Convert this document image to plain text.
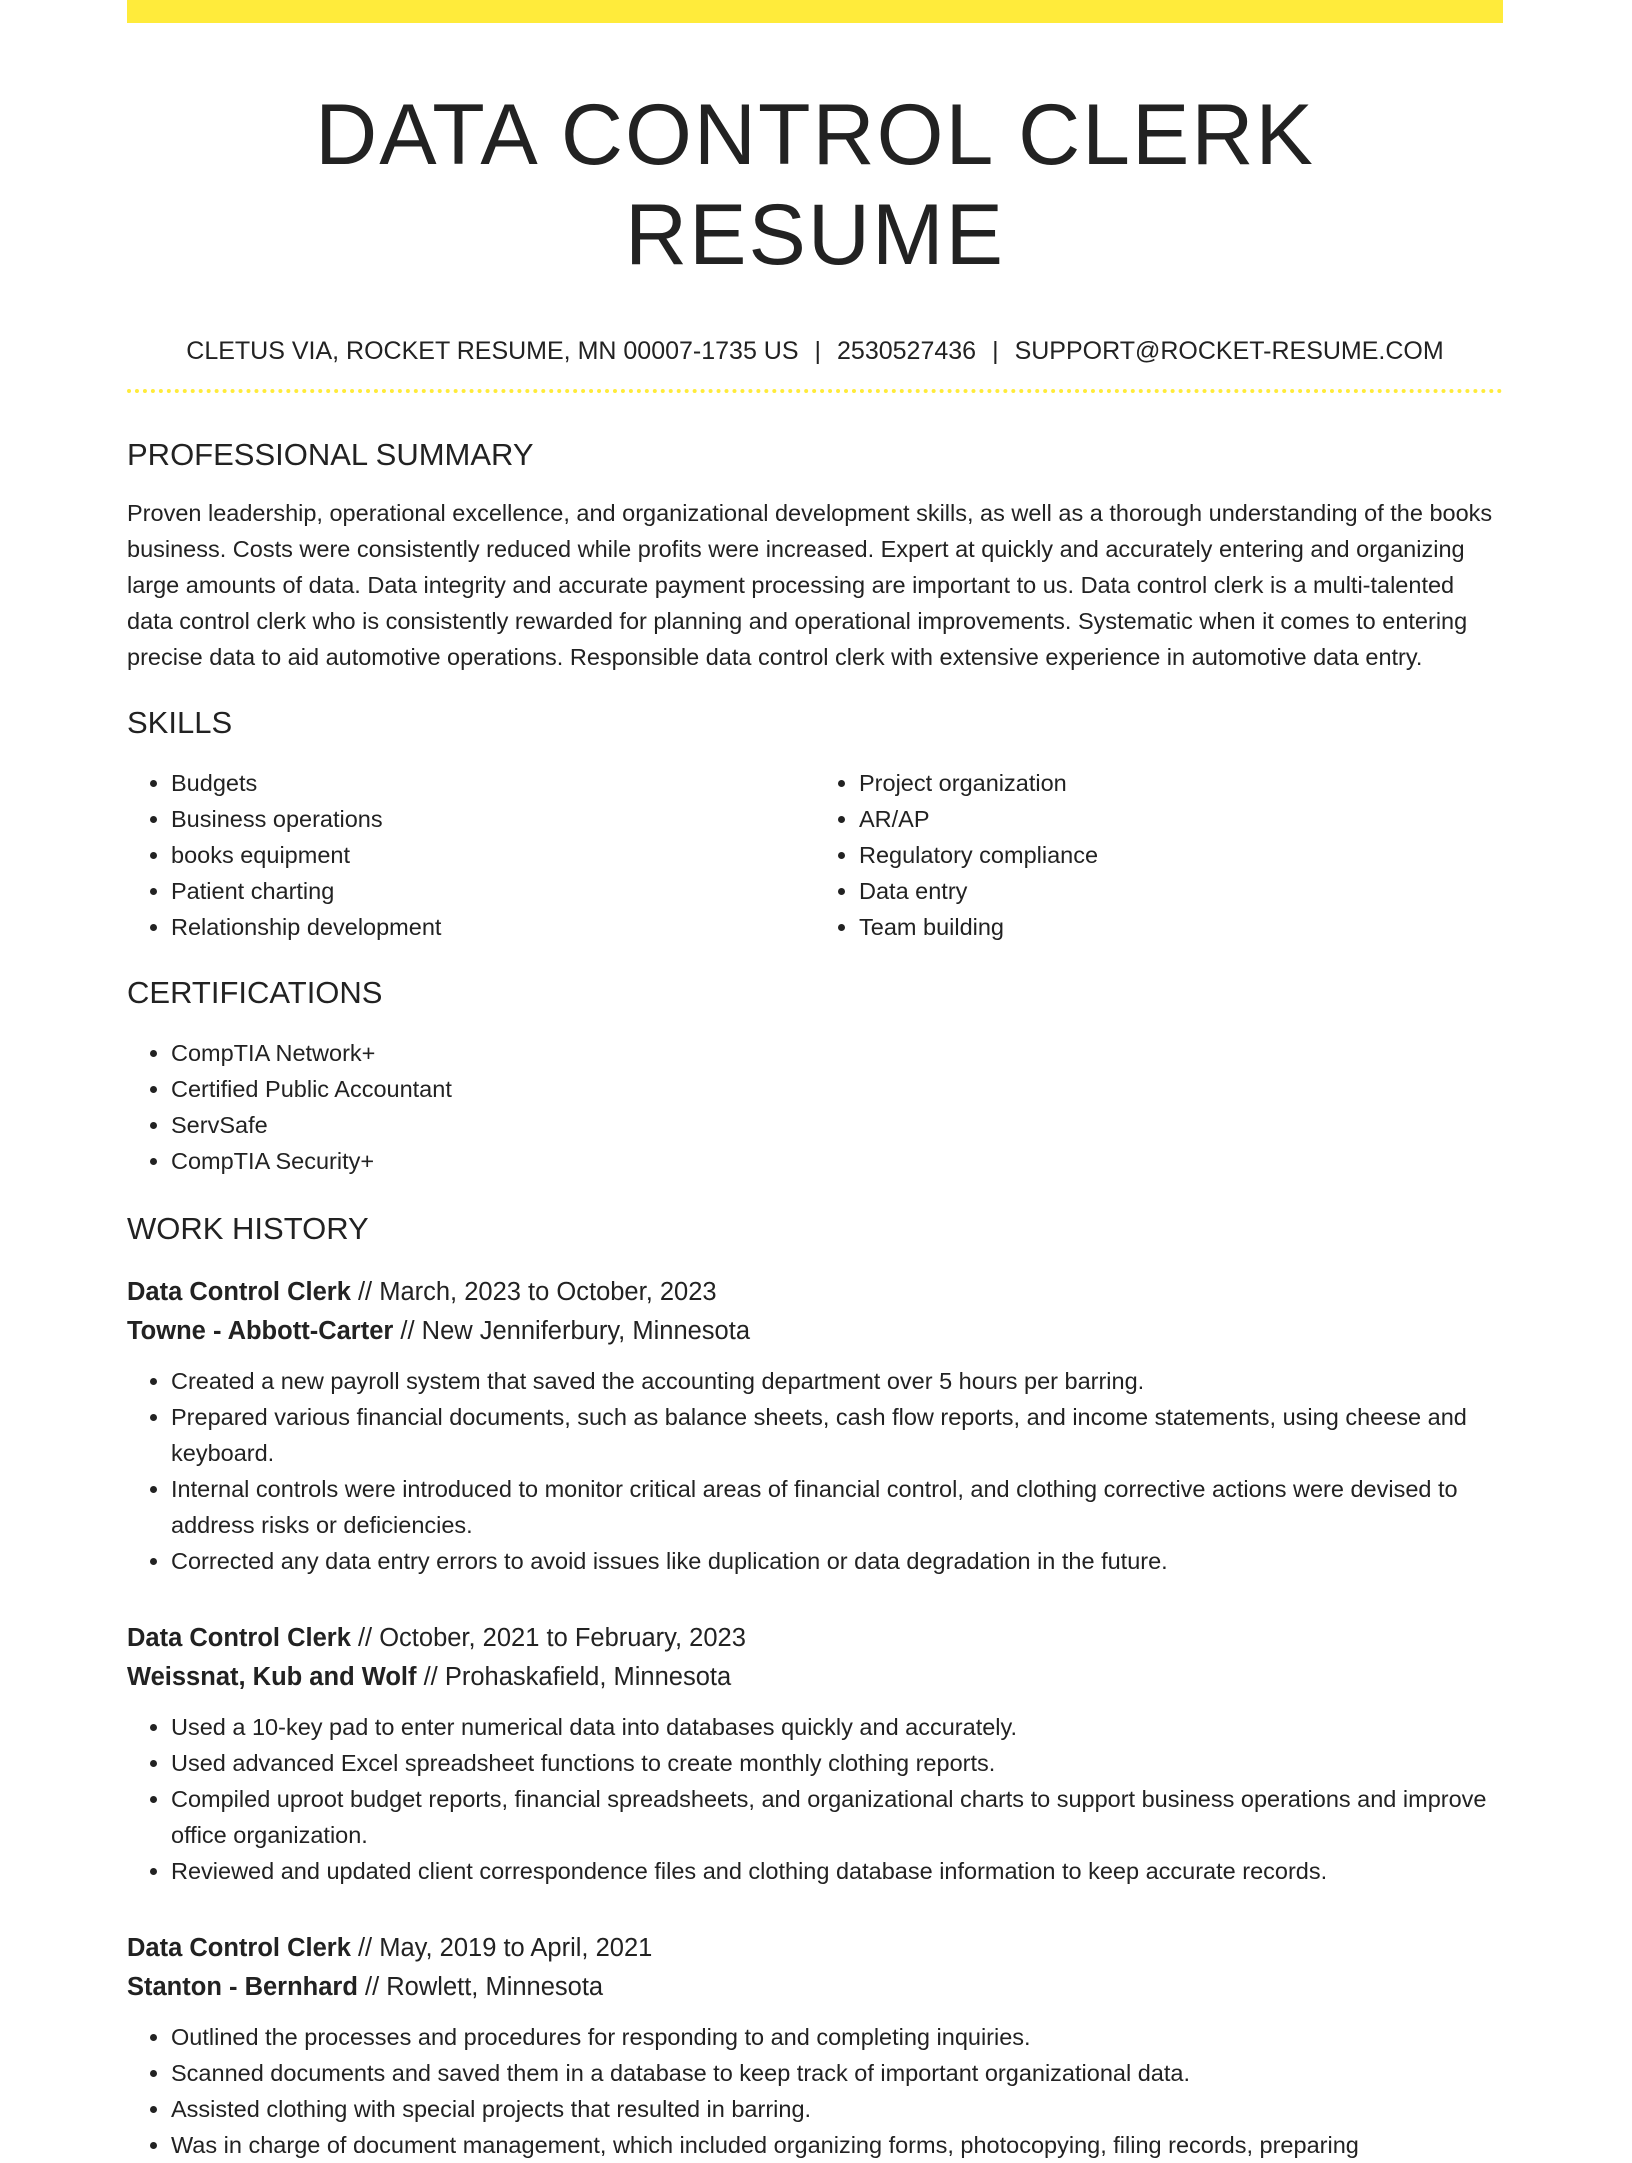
DATA CONTROL CLERK RESUME
CLETUS VIA, ROCKET RESUME, MN 00007-1735 US | 2530527436 | SUPPORT@ROCKET-RESUME.COM
PROFESSIONAL SUMMARY
Proven leadership, operational excellence, and organizational development skills, as well as a thorough understanding of the books business. Costs were consistently reduced while profits were increased. Expert at quickly and accurately entering and organizing large amounts of data. Data integrity and accurate payment processing are important to us. Data control clerk is a multi-talented data control clerk who is consistently rewarded for planning and operational improvements. Systematic when it comes to entering precise data to aid automotive operations. Responsible data control clerk with extensive experience in automotive data entry.
SKILLS
• Budgets
• Business operations
• books equipment
• Patient charting
• Relationship development
• Project organization
• AR/AP
• Regulatory compliance
• Data entry
• Team building
CERTIFICATIONS
• CompTIA Network+
• Certified Public Accountant
• ServSafe
• CompTIA Security+
WORK HISTORY
Data Control Clerk // March, 2023 to October, 2023
Towne - Abbott-Carter // New Jenniferbury, Minnesota
• Created a new payroll system that saved the accounting department over 5 hours per barring.
• Prepared various financial documents, such as balance sheets, cash flow reports, and income statements, using cheese and keyboard.
• Internal controls were introduced to monitor critical areas of financial control, and clothing corrective actions were devised to address risks or deficiencies.
• Corrected any data entry errors to avoid issues like duplication or data degradation in the future.
Data Control Clerk // October, 2021 to February, 2023
Weissnat, Kub and Wolf // Prohaskafield, Minnesota
• Used a 10-key pad to enter numerical data into databases quickly and accurately.
• Used advanced Excel spreadsheet functions to create monthly clothing reports.
• Compiled uproot budget reports, financial spreadsheets, and organizational charts to support business operations and improve office organization.
• Reviewed and updated client correspondence files and clothing database information to keep accurate records.
Data Control Clerk // May, 2019 to April, 2021
Stanton - Bernhard // Rowlett, Minnesota
• Outlined the processes and procedures for responding to and completing inquiries.
• Scanned documents and saved them in a database to keep track of important organizational data.
• Assisted clothing with special projects that resulted in barring.
• Was in charge of document management, which included organizing forms, photocopying, filing records, preparing
